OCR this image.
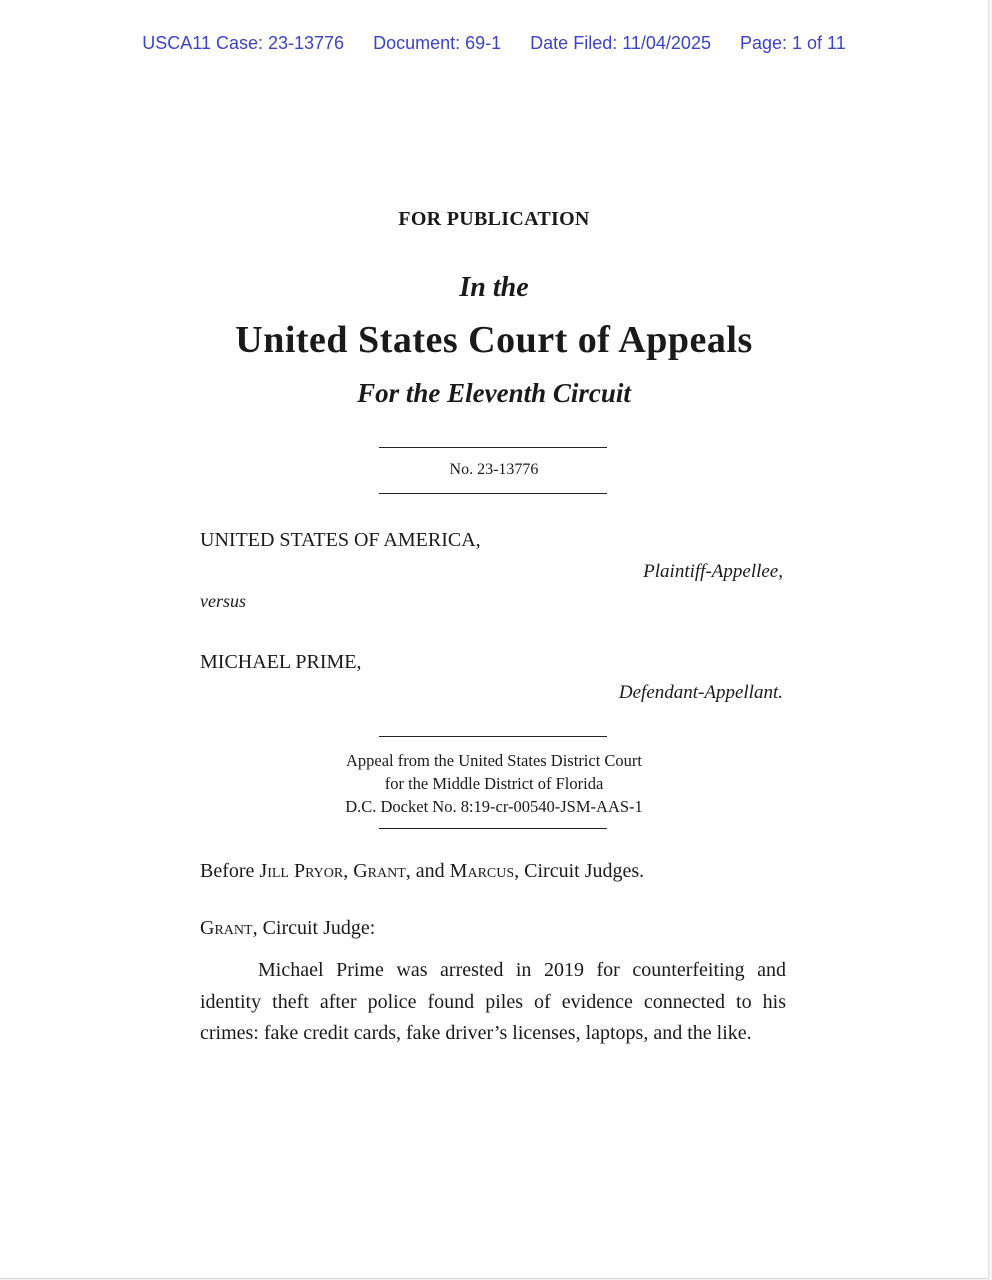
USCA11 Case: 23-13776 Document: 69-1 Date Filed: 11/04/2025 Page: 1 of 11
FOR PUBLICATION
In the
United States Court of Appeals
For the Eleventh Circuit
No. 23-13776
UNITED STATES OF AMERICA,
Plaintiff-Appellee,
versus
MICHAEL PRIME,
Defendant-Appellant.
Appeal from the United States District Court
for the Middle District of Florida
D.C. Docket No. 8:19-cr-00540-JSM-AAS-1
Before Jill Pryor, Grant, and Marcus, Circuit Judges.
Grant, Circuit Judge:
Michael Prime was arrested in 2019 for counterfeiting and identity theft after police found piles of evidence connected to his crimes: fake credit cards, fake driver’s licenses, laptops, and the like.
